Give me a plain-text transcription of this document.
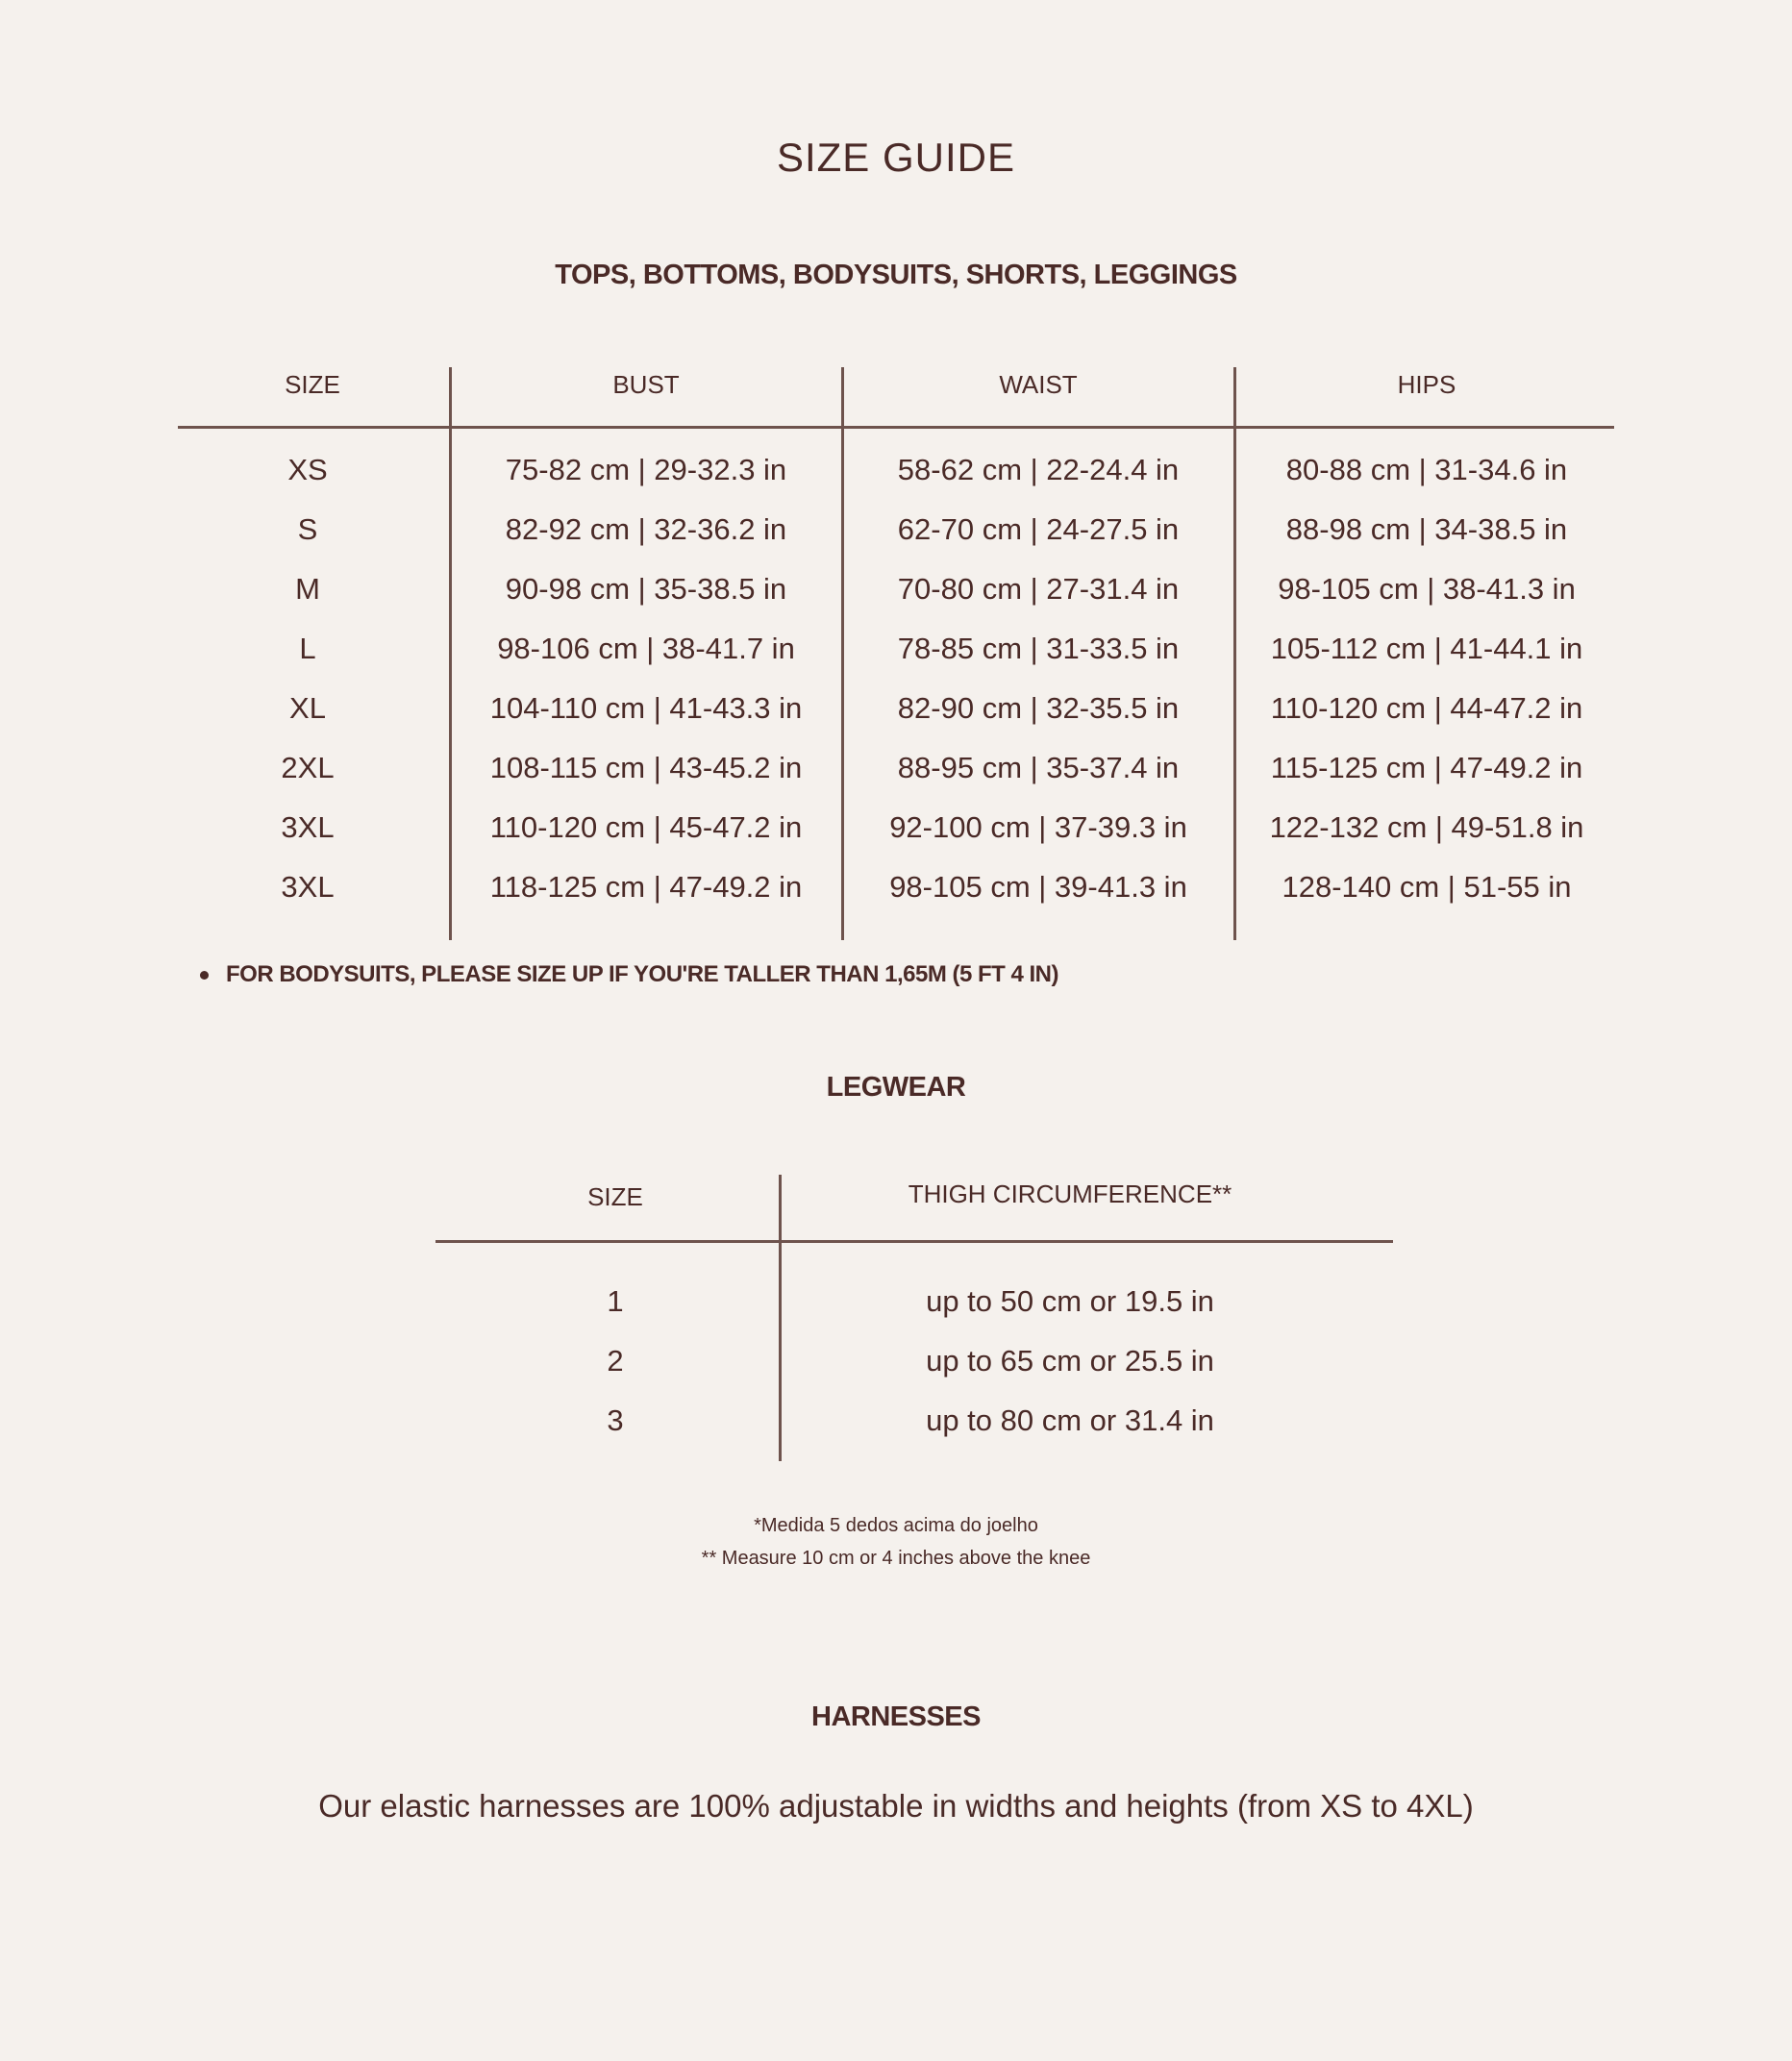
SIZE GUIDE
TOPS, BOTTOMS, BODYSUITS, SHORTS, LEGGINGS
SIZE	BUST	WAIST	HIPS
XS	75-82 cm | 29-32.3 in	58-62 cm | 22-24.4 in	80-88 cm | 31-34.6 in
S	82-92 cm | 32-36.2 in	62-70 cm | 24-27.5 in	88-98 cm | 34-38.5 in
M	90-98 cm | 35-38.5 in	70-80 cm | 27-31.4 in	98-105 cm | 38-41.3 in
L	98-106 cm | 38-41.7 in	78-85 cm | 31-33.5 in	105-112 cm | 41-44.1 in
XL	104-110 cm | 41-43.3 in	82-90 cm | 32-35.5 in	110-120 cm | 44-47.2 in
2XL	108-115 cm | 43-45.2 in	88-95 cm | 35-37.4 in	115-125 cm | 47-49.2 in
3XL	110-120 cm | 45-47.2 in	92-100 cm | 37-39.3 in	122-132 cm | 49-51.8 in
3XL	118-125 cm | 47-49.2 in	98-105 cm | 39-41.3 in	128-140 cm | 51-55 in
FOR BODYSUITS, PLEASE SIZE UP IF YOU'RE TALLER THAN 1,65M (5 FT 4 IN)
LEGWEAR
SIZE	THIGH CIRCUMFERENCE**
1	up to 50 cm or 19.5 in
2	up to 65 cm or 25.5 in
3	up to 80 cm or 31.4 in
*Medida 5 dedos acima do joelho
** Measure 10 cm or 4 inches above the knee
HARNESSES
Our elastic harnesses are 100% adjustable in widths and heights (from XS to 4XL)
